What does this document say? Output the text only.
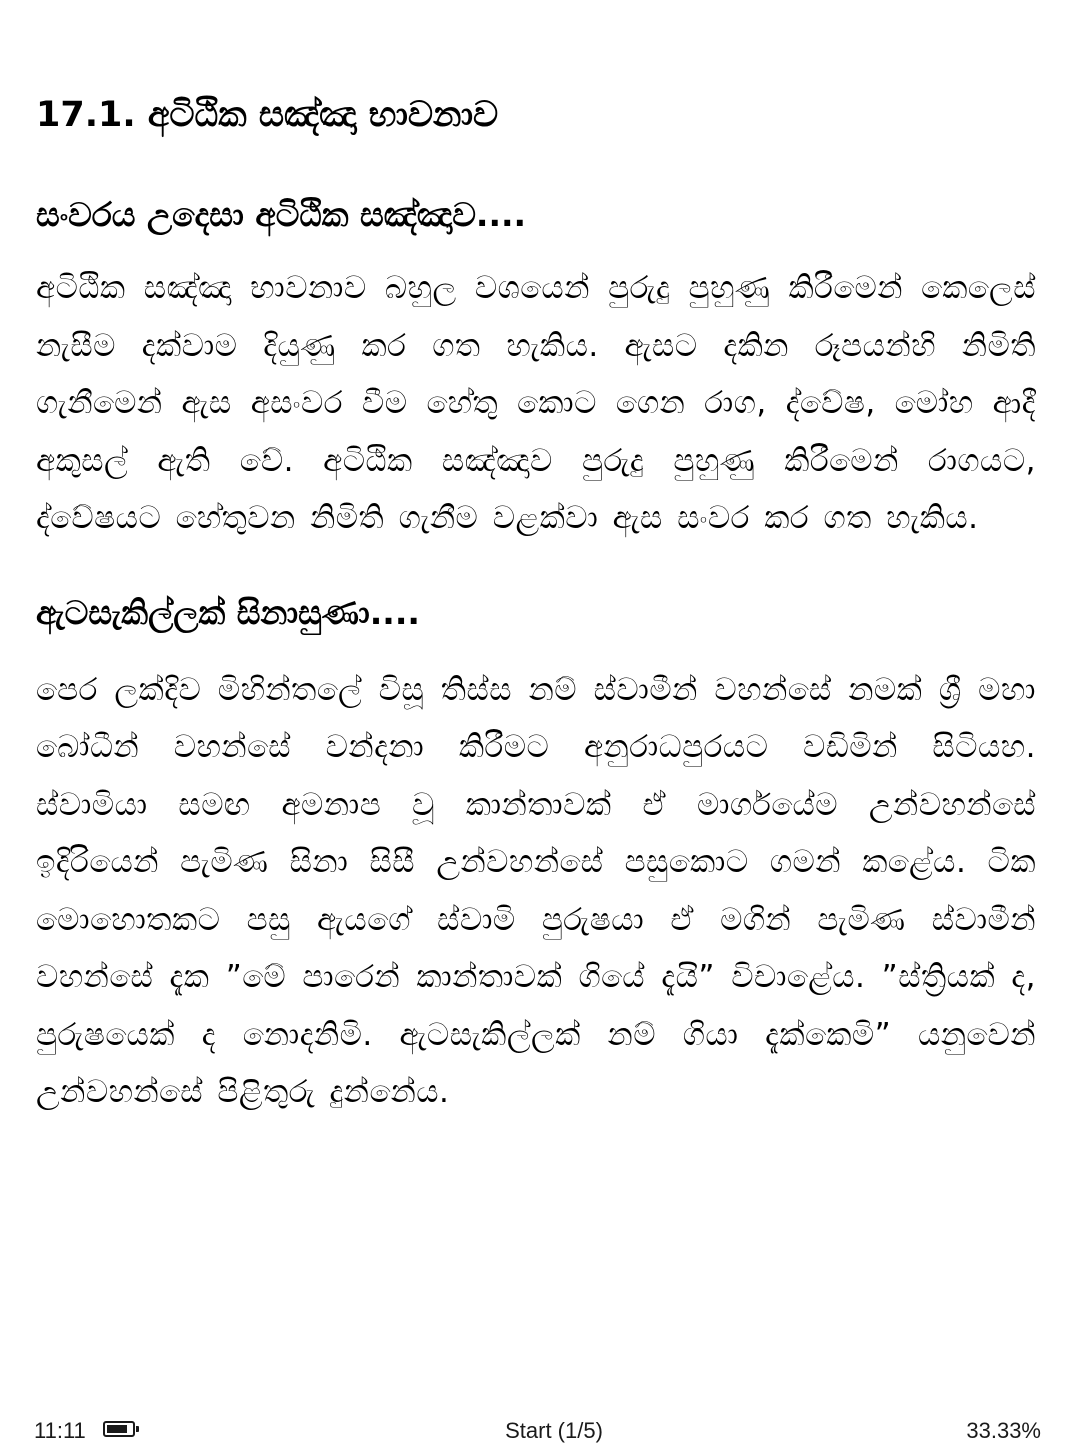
17.1. අටිඨික සඤ්ඤා භාවනාව
සංවරය උදෙසා අටිඨික සඤ්ඤාව....

අටිඨික සඤ්ඤා භාවනාව බහුල වශයෙන් පුරුදු පුහුණු කිරීමෙන් කෙලෙස් නැසීම දක්වාම දියුණු කර ගත හැකිය. ඇසට දකින රූපයන්හි නිමිති ගැනීමෙන් ඇස අසංවර වීම හේතු කොට ගෙන රාග, ද්වේෂ, මෝහ ආදී අකුසල් ඇති වේ. අටිඨික සඤ්ඤාව පුරුදු පුහුණු කිරීමෙන් රාගයට, ද්වේෂයට හේතුවන නිමිති ගැනීම වළක්වා ඇස සංවර කර ගත හැකිය.

ඇටසැකිල්ලක් සිනාසුණා....

පෙර ලක්දිව මිහින්තලේ විසූ තිස්ස නම් ස්වාමීන් වහන්සේ නමක් ශ්‍රී මහා බෝධීන් වහන්සේ වන්දනා කිරීමට අනුරාධපුරයට වඩිමින් සිටියහ. ස්වාමියා සමඟ අමනාප වූ කාන්තාවක් ඒ මාර්ගයේම උන්වහන්සේ ඉදිරියෙන් පැමිණ සිනා සිසී උන්වහන්සේ පසුකොට ගමන් කළේය. ටික මොහොතකට පසු ඇයගේ ස්වාමි පුරුෂයා ඒ මගින් පැමිණ ස්වාමීන් වහන්සේ දැක ”මේ පාරෙන් කාන්තාවක් ගියේ දැයි” විචාළේය. ”ස්ත්‍රියක් ද, පුරුෂයෙක් ද නොදනිමි. ඇටසැකිල්ලක් නම් ගියා දැක්කෙමි” යනුවෙන් උන්වහන්සේ පිළිතුරු දුන්නේය.

11:11	Start (1/5)	33.33%
